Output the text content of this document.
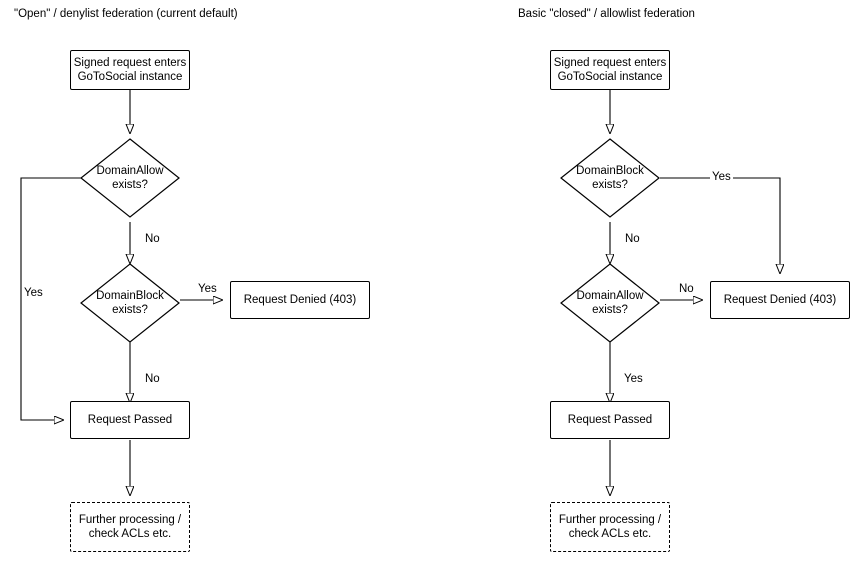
"Open" / denylist federation (current default)
Signed request enters
GoToSocial instance
DomainAllow
exists?
DomainBlock
exists?
Request Denied (403)
Request Passed
Further processing /
check ACLs etc.
Yes
No
Yes
No
Basic "closed" / allowlist federation
Signed request enters
GoToSocial instance
DomainBlock
exists?
DomainAllow
exists?
Request Denied (403)
Request Passed
Further processing /
check ACLs etc.
Yes
No
No
Yes
